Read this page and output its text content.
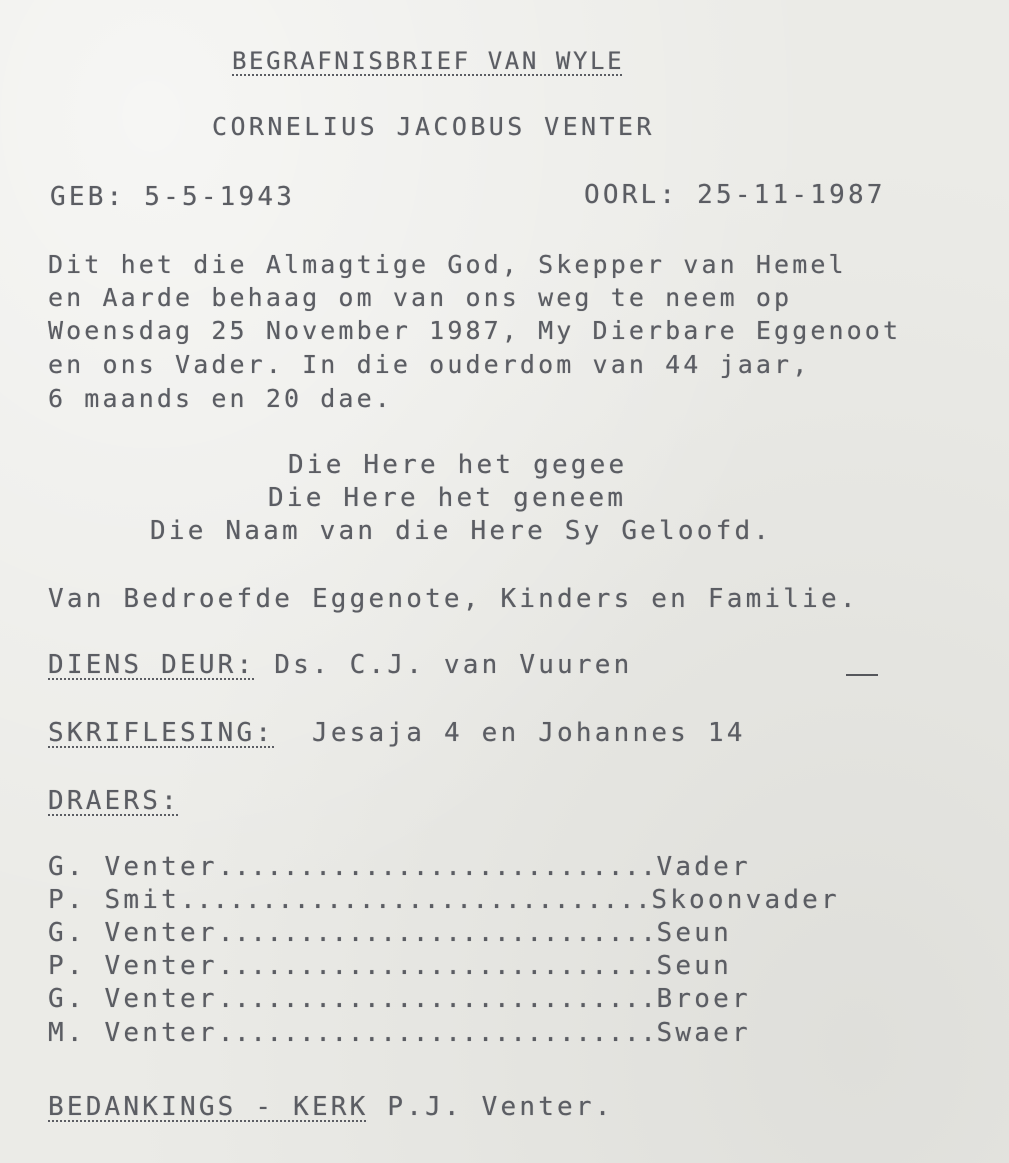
BEGRAFNISBRIEF VAN WYLE
CORNELIUS JACOBUS VENTER
GEB: 5-5-1943	OORL: 25-11-1987
Dit het die Almagtige God, Skepper van Hemel
en Aarde behaag om van ons weg te neem op
Woensdag 25 November 1987, My Dierbare Eggenoot
en ons Vader. In die ouderdom van 44 jaar,
6 maands en 20 dae.
Die Here het gegee
Die Here het geneem
Die Naam van die Here Sy Geloofd.
Van Bedroefde Eggenote, Kinders en Familie.
DIENS DEUR: Ds. C.J. van Vuuren
SKRIFLESING: Jesaja 4 en Johannes 14
DRAERS:
G. Venter...........................Vader
P. Smit.............................Skoonvader
G. Venter...........................Seun
P. Venter...........................Seun
G. Venter...........................Broer
M. Venter...........................Swaer
BEDANKINGS - KERK P.J. Venter.
